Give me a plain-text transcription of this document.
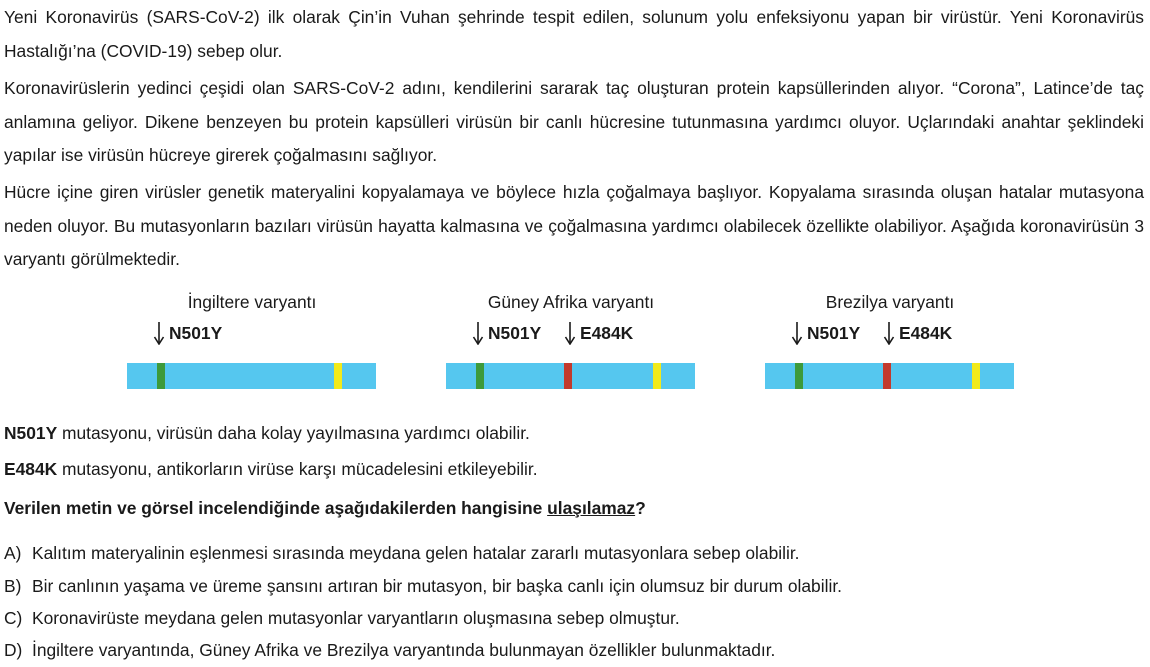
Yeni Koronavirüs (SARS-CoV-2) ilk olarak Çin’in Vuhan şehrinde tespit edilen, solunum yolu enfeksiyonu yapan bir virüstür. Yeni Koronavirüs Hastalığı’na (COVID-19) sebep olur.

Koronavirüslerin yedinci çeşidi olan SARS-CoV-2 adını, kendilerini sararak taç oluşturan protein kapsüllerinden alıyor. “Corona”, Latince’de taç anlamına geliyor. Dikene benzeyen bu protein kapsülleri virüsün bir canlı hücresine tutunmasına yardımcı oluyor. Uçlarındaki anahtar şeklindeki yapılar ise virüsün hücreye girerek çoğalmasını sağlıyor.

Hücre içine giren virüsler genetik materyalini kopyalamaya ve böylece hızla çoğalmaya başlıyor. Kopyalama sırasında oluşan hatalar mutasyona neden oluyor. Bu mutasyonların bazıları virüsün hayatta kalmasına ve çoğalmasına yardımcı olabilecek özellikte olabiliyor. Aşağıda koronavirüsün 3 varyantı görülmektedir.

İngiltere varyantı
N501Y
Güney Afrika varyantı
N501Y E484K
Brezilya varyantı
N501Y E484K

N501Y mutasyonu, virüsün daha kolay yayılmasına yardımcı olabilir.

E484K mutasyonu, antikorların virüse karşı mücadelesini etkileyebilir.

Verilen metin ve görsel incelendiğinde aşağıdakilerden hangisine ulaşılamaz?

A) Kalıtım materyalinin eşlenmesi sırasında meydana gelen hatalar zararlı mutasyonlara sebep olabilir.

B) Bir canlının yaşama ve üreme şansını artıran bir mutasyon, bir başka canlı için olumsuz bir durum olabilir.

C) Koronavirüste meydana gelen mutasyonlar varyantların oluşmasına sebep olmuştur.

D) İngiltere varyantında, Güney Afrika ve Brezilya varyantında bulunmayan özellikler bulunmaktadır.
